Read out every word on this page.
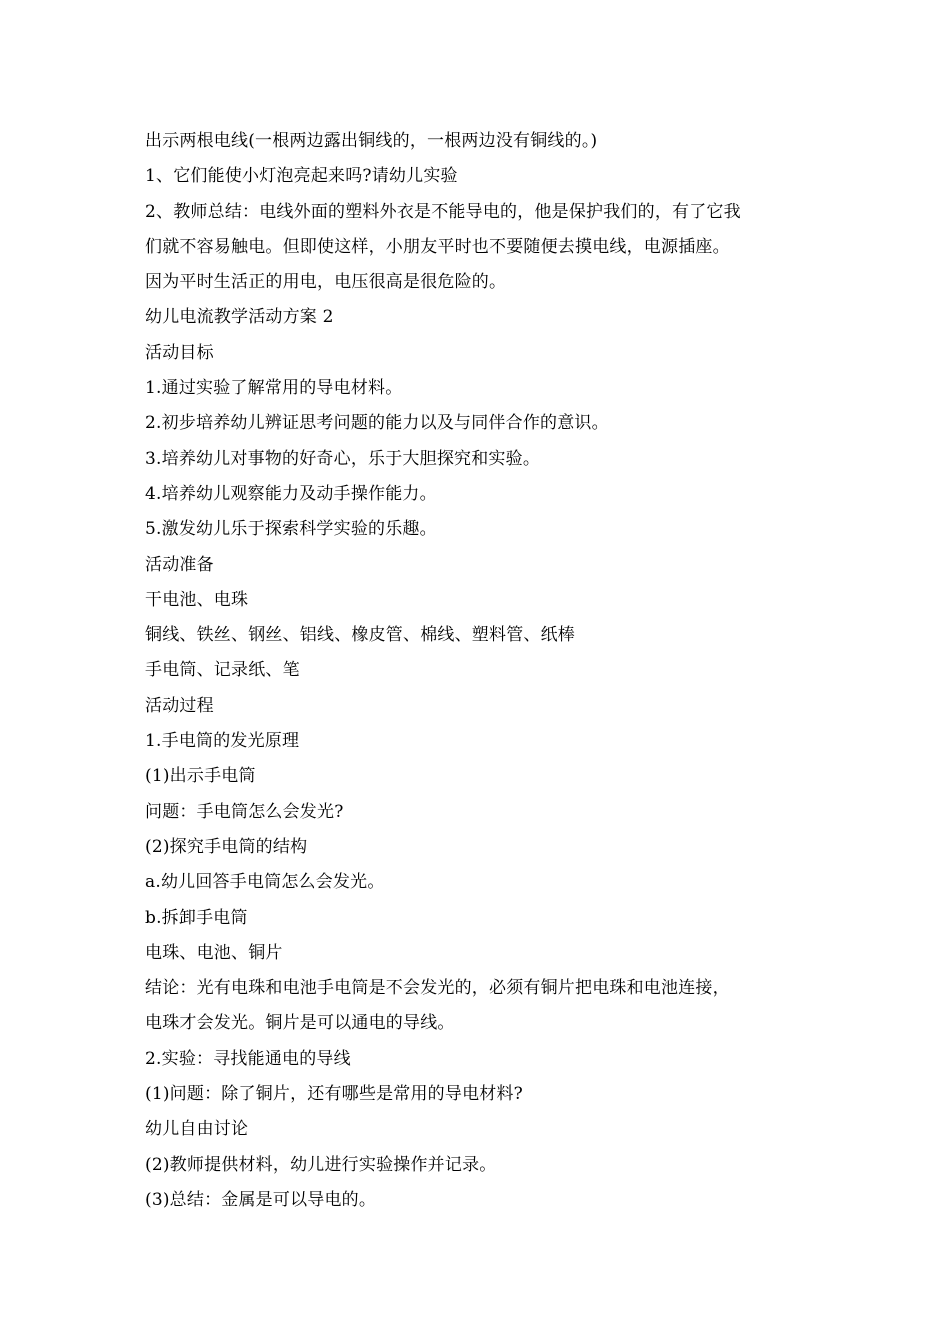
出示两根电线(一根两边露出铜线的，一根两边没有铜线的。)
1、它们能使小灯泡亮起来吗?请幼儿实验
2、教师总结：电线外面的塑料外衣是不能导电的，他是保护我们的，有了它我
们就不容易触电。但即使这样，小朋友平时也不要随便去摸电线，电源插座。
因为平时生活正的用电，电压很高是很危险的。
幼儿电流教学活动方案 2
活动目标
1.通过实验了解常用的导电材料。
2.初步培养幼儿辨证思考问题的能力以及与同伴合作的意识。
3.培养幼儿对事物的好奇心，乐于大胆探究和实验。
4.培养幼儿观察能力及动手操作能力。
5.激发幼儿乐于探索科学实验的乐趣。
活动准备
干电池、电珠
铜线、铁丝、钢丝、铝线、橡皮管、棉线、塑料管、纸棒
手电筒、记录纸、笔
活动过程
1.手电筒的发光原理
(1)出示手电筒
问题：手电筒怎么会发光?
(2)探究手电筒的结构
a.幼儿回答手电筒怎么会发光。
b.拆卸手电筒
电珠、电池、铜片
结论：光有电珠和电池手电筒是不会发光的，必须有铜片把电珠和电池连接，
电珠才会发光。铜片是可以通电的导线。
2.实验：寻找能通电的导线
(1)问题：除了铜片，还有哪些是常用的导电材料?
幼儿自由讨论
(2)教师提供材料，幼儿进行实验操作并记录。
(3)总结：金属是可以导电的。
